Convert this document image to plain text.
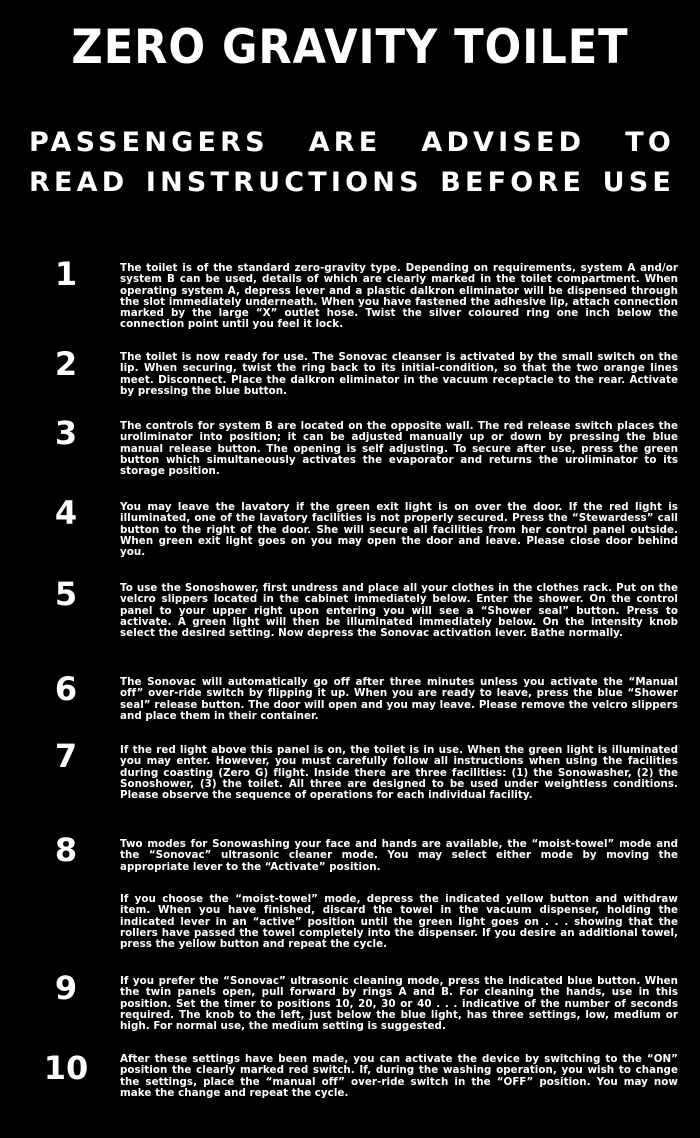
ZERO GRAVITY TOILET
PASSENGERS ARE ADVISED TO
READ INSTRUCTIONS BEFORE USE
1	The toilet is of the standard zero-gravity type. Depending on requirements, system A and/or system B can be used, details of which are clearly marked in the toilet compartment. When operating system A, depress lever and a plastic dalkron eliminator will be dispensed through the slot immediately underneath. When you have fastened the adhesive lip, attach connection marked by the large “X” outlet hose. Twist the silver coloured ring one inch below the connection point until you feel it lock.

2	The toilet is now ready for use. The Sonovac cleanser is activated by the small switch on the lip. When securing, twist the ring back to its initial-condition, so that the two orange lines meet. Disconnect. Place the dalkron eliminator in the vacuum receptacle to the rear. Activate by pressing the blue button.

3	The controls for system B are located on the opposite wall. The red release switch places the uroliminator into position; it can be adjusted manually up or down by pressing the blue manual release button. The opening is self adjusting. To secure after use, press the green button which simultaneously activates the evaporator and returns the uroliminator to its storage position.

4	You may leave the lavatory if the green exit light is on over the door. If the red light is illuminated, one of the lavatory facilities is not properly secured. Press the “Stewardess” call button to the right of the door. She will secure all facilities from her control panel outside. When green exit light goes on you may open the door and leave. Please close door behind you.

5	To use the Sonoshower, first undress and place all your clothes in the clothes rack. Put on the velcro slippers located in the cabinet immediately below. Enter the shower. On the control panel to your upper right upon entering you will see a “Shower seal” button. Press to activate. A green light will then be illuminated immediately below. On the intensity knob select the desired setting. Now depress the Sonovac activation lever. Bathe normally.

6	The Sonovac will automatically go off after three minutes unless you activate the “Manual off” over-ride switch by flipping it up. When you are ready to leave, press the blue “Shower seal” release button. The door will open and you may leave. Please remove the velcro slippers and place them in their container.

7	If the red light above this panel is on, the toilet is in use. When the green light is illuminated you may enter. However, you must carefully follow all instructions when using the facilities during coasting (Zero G) flight. Inside there are three facilities: (1) the Sonowasher, (2) the Sonoshower, (3) the toilet. All three are designed to be used under weightless conditions. Please observe the sequence of operations for each individual facility.

8	Two modes for Sonowashing your face and hands are available, the “moist-towel” mode and the “Sonovac” ultrasonic cleaner mode. You may select either mode by moving the appropriate lever to the “Activate” position.

If you choose the “moist-towel” mode, depress the indicated yellow button and withdraw item. When you have finished, discard the towel in the vacuum dispenser, holding the indicated lever in an “active” position until the green light goes on . . . showing that the rollers have passed the towel completely into the dispenser. If you desire an additional towel, press the yellow button and repeat the cycle.

9	If you prefer the “Sonovac” ultrasonic cleaning mode, press the indicated blue button. When the twin panels open, pull forward by rings A and B. For cleaning the hands, use in this position. Set the timer to positions 10, 20, 30 or 40 . . . indicative of the number of seconds required. The knob to the left, just below the blue light, has three settings, low, medium or high. For normal use, the medium setting is suggested.

10	After these settings have been made, you can activate the device by switching to the “ON” position the clearly marked red switch. If, during the washing operation, you wish to change the settings, place the “manual off” over-ride switch in the “OFF” position. You may now make the change and repeat the cycle.
